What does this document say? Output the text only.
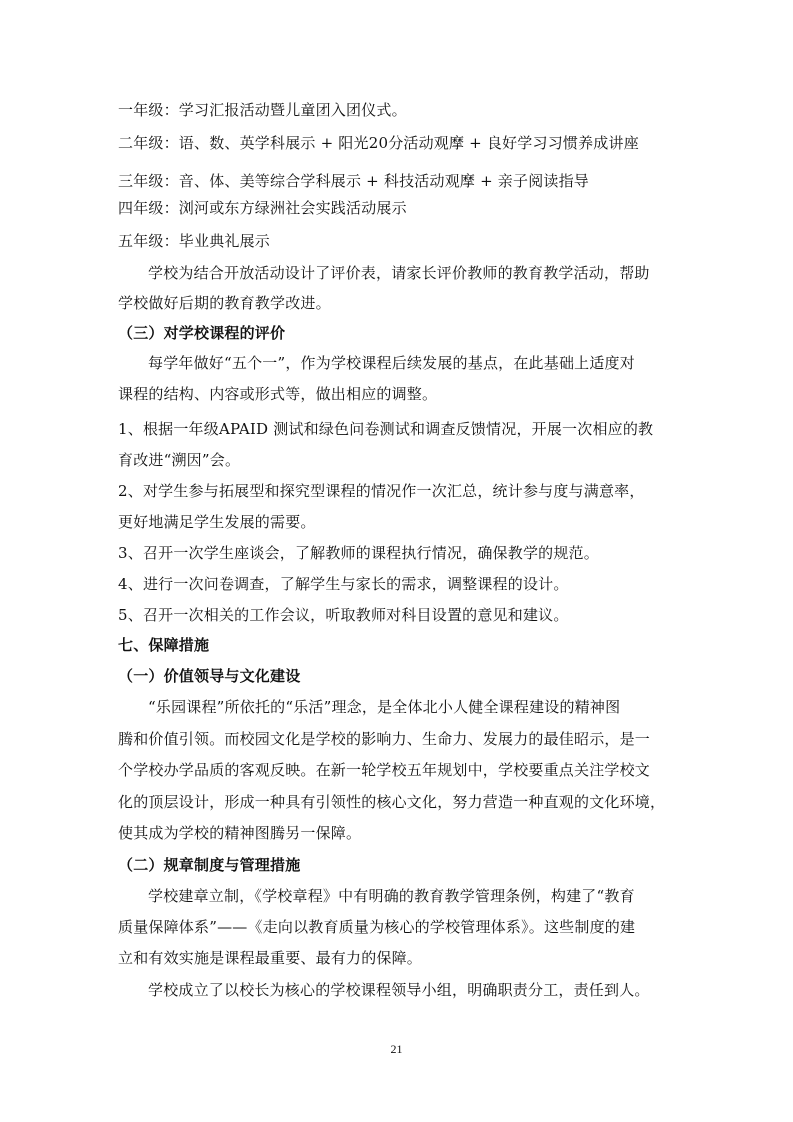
一年级：学习汇报活动暨儿童团入团仪式。
二年级：语、数、英学科展示 + 阳光20分活动观摩 + 良好学习习惯养成讲座
三年级：音、体、美等综合学科展示 + 科技活动观摩 + 亲子阅读指导
四年级：浏河或东方绿洲社会实践活动展示
五年级：毕业典礼展示
学校为结合开放活动设计了评价表，请家长评价教师的教育教学活动，帮助
学校做好后期的教育教学改进。
（三）对学校课程的评价
每学年做好“五个一”，作为学校课程后续发展的基点，在此基础上适度对
课程的结构、内容或形式等，做出相应的调整。
1、根据一年级APAID 测试和绿色问卷测试和调查反馈情况，开展一次相应的教
育改进“溯因”会。
2、对学生参与拓展型和探究型课程的情况作一次汇总，统计参与度与满意率，
更好地满足学生发展的需要。
3、召开一次学生座谈会，了解教师的课程执行情况，确保教学的规范。
4、进行一次问卷调查，了解学生与家长的需求，调整课程的设计。
5、召开一次相关的工作会议，听取教师对科目设置的意见和建议。
七、保障措施
（一）价值领导与文化建设
“乐园课程”所依托的“乐活”理念，是全体北小人健全课程建设的精神图
腾和价值引领。而校园文化是学校的影响力、生命力、发展力的最佳昭示，是一
个学校办学品质的客观反映。在新一轮学校五年规划中，学校要重点关注学校文
化的顶层设计，形成一种具有引领性的核心文化，努力营造一种直观的文化环境，
使其成为学校的精神图腾另一保障。
（二）规章制度与管理措施
学校建章立制，《学校章程》中有明确的教育教学管理条例，构建了“教育
质量保障体系”——《走向以教育质量为核心的学校管理体系》。这些制度的建
立和有效实施是课程最重要、最有力的保障。
学校成立了以校长为核心的学校课程领导小组，明确职责分工，责任到人。
21
